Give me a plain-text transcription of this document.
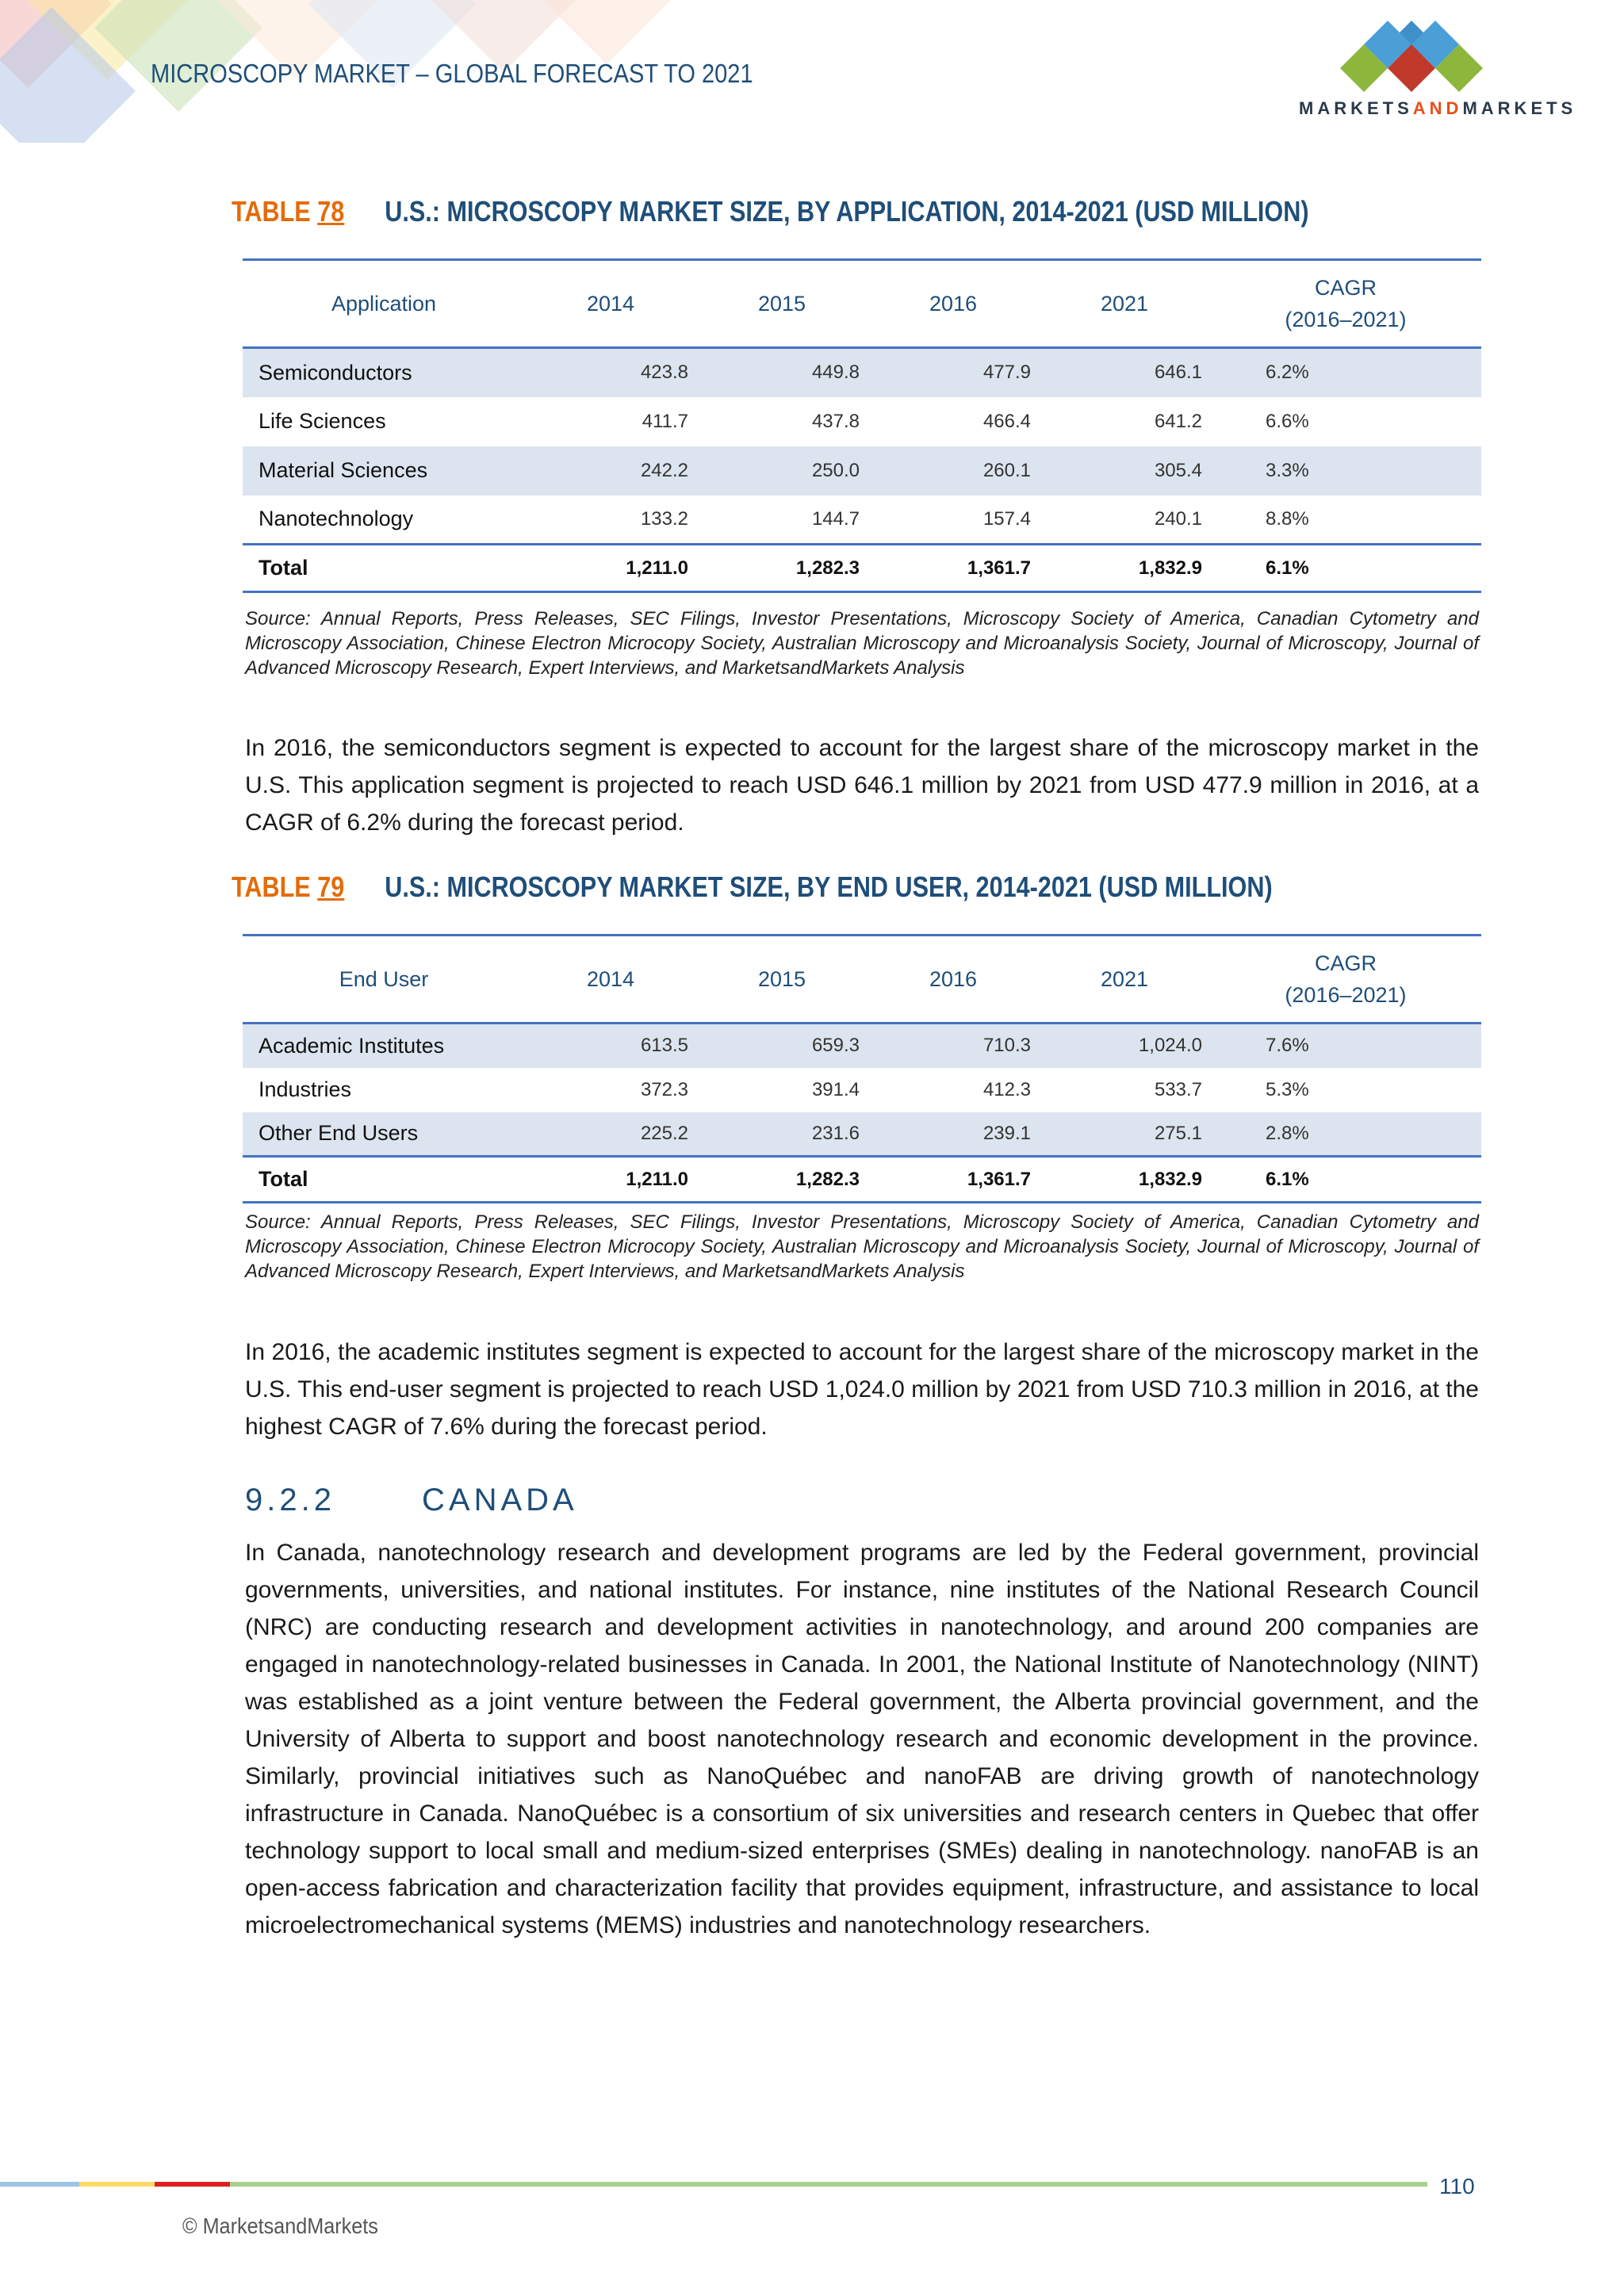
MICROSCOPY MARKET – GLOBAL FORECAST TO 2021
MARKETSANDMARKETS
TABLE 78 U.S.: MICROSCOPY MARKET SIZE, BY APPLICATION, 2014-2021 (USD MILLION)
Application	2014	2015	2016	2021	CAGR
(2016–2021)
Semiconductors	423.8	449.8	477.9	646.1	6.2%
Life Sciences	411.7	437.8	466.4	641.2	6.6%
Material Sciences	242.2	250.0	260.1	305.4	3.3%
Nanotechnology	133.2	144.7	157.4	240.1	8.8%
Total	1,211.0	1,282.3	1,361.7	1,832.9	6.1%
Source: Annual Reports, Press Releases, SEC Filings, Investor Presentations, Microscopy Society of America, Canadian Cytometry and Microscopy Association, Chinese Electron Microcopy Society, Australian Microscopy and Microanalysis Society, Journal of Microscopy, Journal of Advanced Microscopy Research, Expert Interviews, and MarketsandMarkets Analysis
In 2016, the semiconductors segment is expected to account for the largest share of the microscopy market in the U.S. This application segment is projected to reach USD 646.1 million by 2021 from USD 477.9 million in 2016, at a CAGR of 6.2% during the forecast period.
TABLE 79 U.S.: MICROSCOPY MARKET SIZE, BY END USER, 2014-2021 (USD MILLION)
End User	2014	2015	2016	2021	CAGR
(2016–2021)
Academic Institutes	613.5	659.3	710.3	1,024.0	7.6%
Industries	372.3	391.4	412.3	533.7	5.3%
Other End Users	225.2	231.6	239.1	275.1	2.8%
Total	1,211.0	1,282.3	1,361.7	1,832.9	6.1%
Source: Annual Reports, Press Releases, SEC Filings, Investor Presentations, Microscopy Society of America, Canadian Cytometry and Microscopy Association, Chinese Electron Microcopy Society, Australian Microscopy and Microanalysis Society, Journal of Microscopy, Journal of Advanced Microscopy Research, Expert Interviews, and MarketsandMarkets Analysis
In 2016, the academic institutes segment is expected to account for the largest share of the microscopy market in the U.S. This end-user segment is projected to reach USD 1,024.0 million by 2021 from USD 710.3 million in 2016, at the highest CAGR of 7.6% during the forecast period.
9.2.2	CANADA
In Canada, nanotechnology research and development programs are led by the Federal government, provincial governments, universities, and national institutes. For instance, nine institutes of the National Research Council (NRC) are conducting research and development activities in nanotechnology, and around 200 companies are engaged in nanotechnology-related businesses in Canada. In 2001, the National Institute of Nanotechnology (NINT) was established as a joint venture between the Federal government, the Alberta provincial government, and the University of Alberta to support and boost nanotechnology research and economic development in the province. Similarly, provincial initiatives such as NanoQuébec and nanoFAB are driving growth of nanotechnology infrastructure in Canada. NanoQuébec is a consortium of six universities and research centers in Quebec that offer technology support to local small and medium-sized enterprises (SMEs) dealing in nanotechnology. nanoFAB is an open-access fabrication and characterization facility that provides equipment, infrastructure, and assistance to local microelectromechanical systems (MEMS) industries and nanotechnology researchers.
110
© MarketsandMarkets
